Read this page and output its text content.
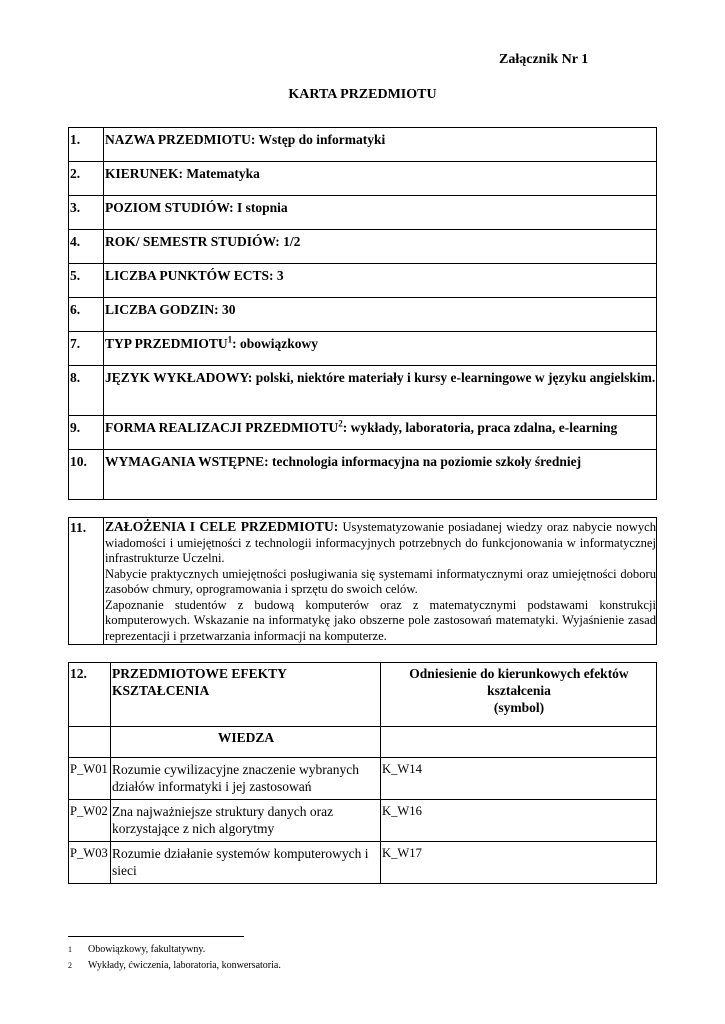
Załącznik Nr 1
KARTA PRZEDMIOTU
1.	NAZWA PRZEDMIOTU: Wstęp do informatyki
2.	KIERUNEK: Matematyka
3.	POZIOM STUDIÓW: I stopnia
4.	ROK/ SEMESTR STUDIÓW: 1/2
5.	LICZBA PUNKTÓW ECTS: 3
6.	LICZBA GODZIN: 30
7.	TYP PRZEDMIOTU$^1$: obowiązkowy
8.	JĘZYK WYKŁADOWY: polski, niektóre materiały i kursy e-learningowe w języku angielskim.
9.	FORMA REALIZACJI PRZEDMIOTU$^2$: wykłady, laboratoria, praca zdalna, e-learning
10.	WYMAGANIA WSTĘPNE: technologia informacyjna na poziomie szkoły średniej
11.	ZAŁOŻENIA I CELE PRZEDMIOTU: Usystematyzowanie posiadanej wiedzy oraz nabycie nowych wiadomości i umiejętności z technologii informacyjnych potrzebnych do funkcjonowania w informatycznej infrastrukturze Uczelni.

Nabycie praktycznych umiejętności posługiwania się systemami informatycznymi oraz umiejętności doboru zasobów chmury, oprogramowania i sprzętu do swoich celów.

Zapoznanie studentów z budową komputerów oraz z matematycznymi podstawami konstrukcji komputerowych. Wskazanie na informatykę jako obszerne pole zastosowań matematyki. Wyjaśnienie zasad reprezentacji i przetwarzania informacji na komputerze.

12.	PRZEDMIOTOWE EFEKTY KSZTAŁCENIA	Odniesienie do kierunkowych efektów
kształcenia
(symbol)

	WIEDZA	
P_W01	Rozumie cywilizacyjne znaczenie wybranych działów informatyki i jej zastosowań	K_W14
P_W02	Zna najważniejsze struktury danych oraz korzystające z nich algorytmy	K_W16
P_W03	Rozumie działanie systemów komputerowych i sieci	K_W17
1 Obowiązkowy, fakultatywny.
2 Wykłady, ćwiczenia, laboratoria, konwersatoria.
